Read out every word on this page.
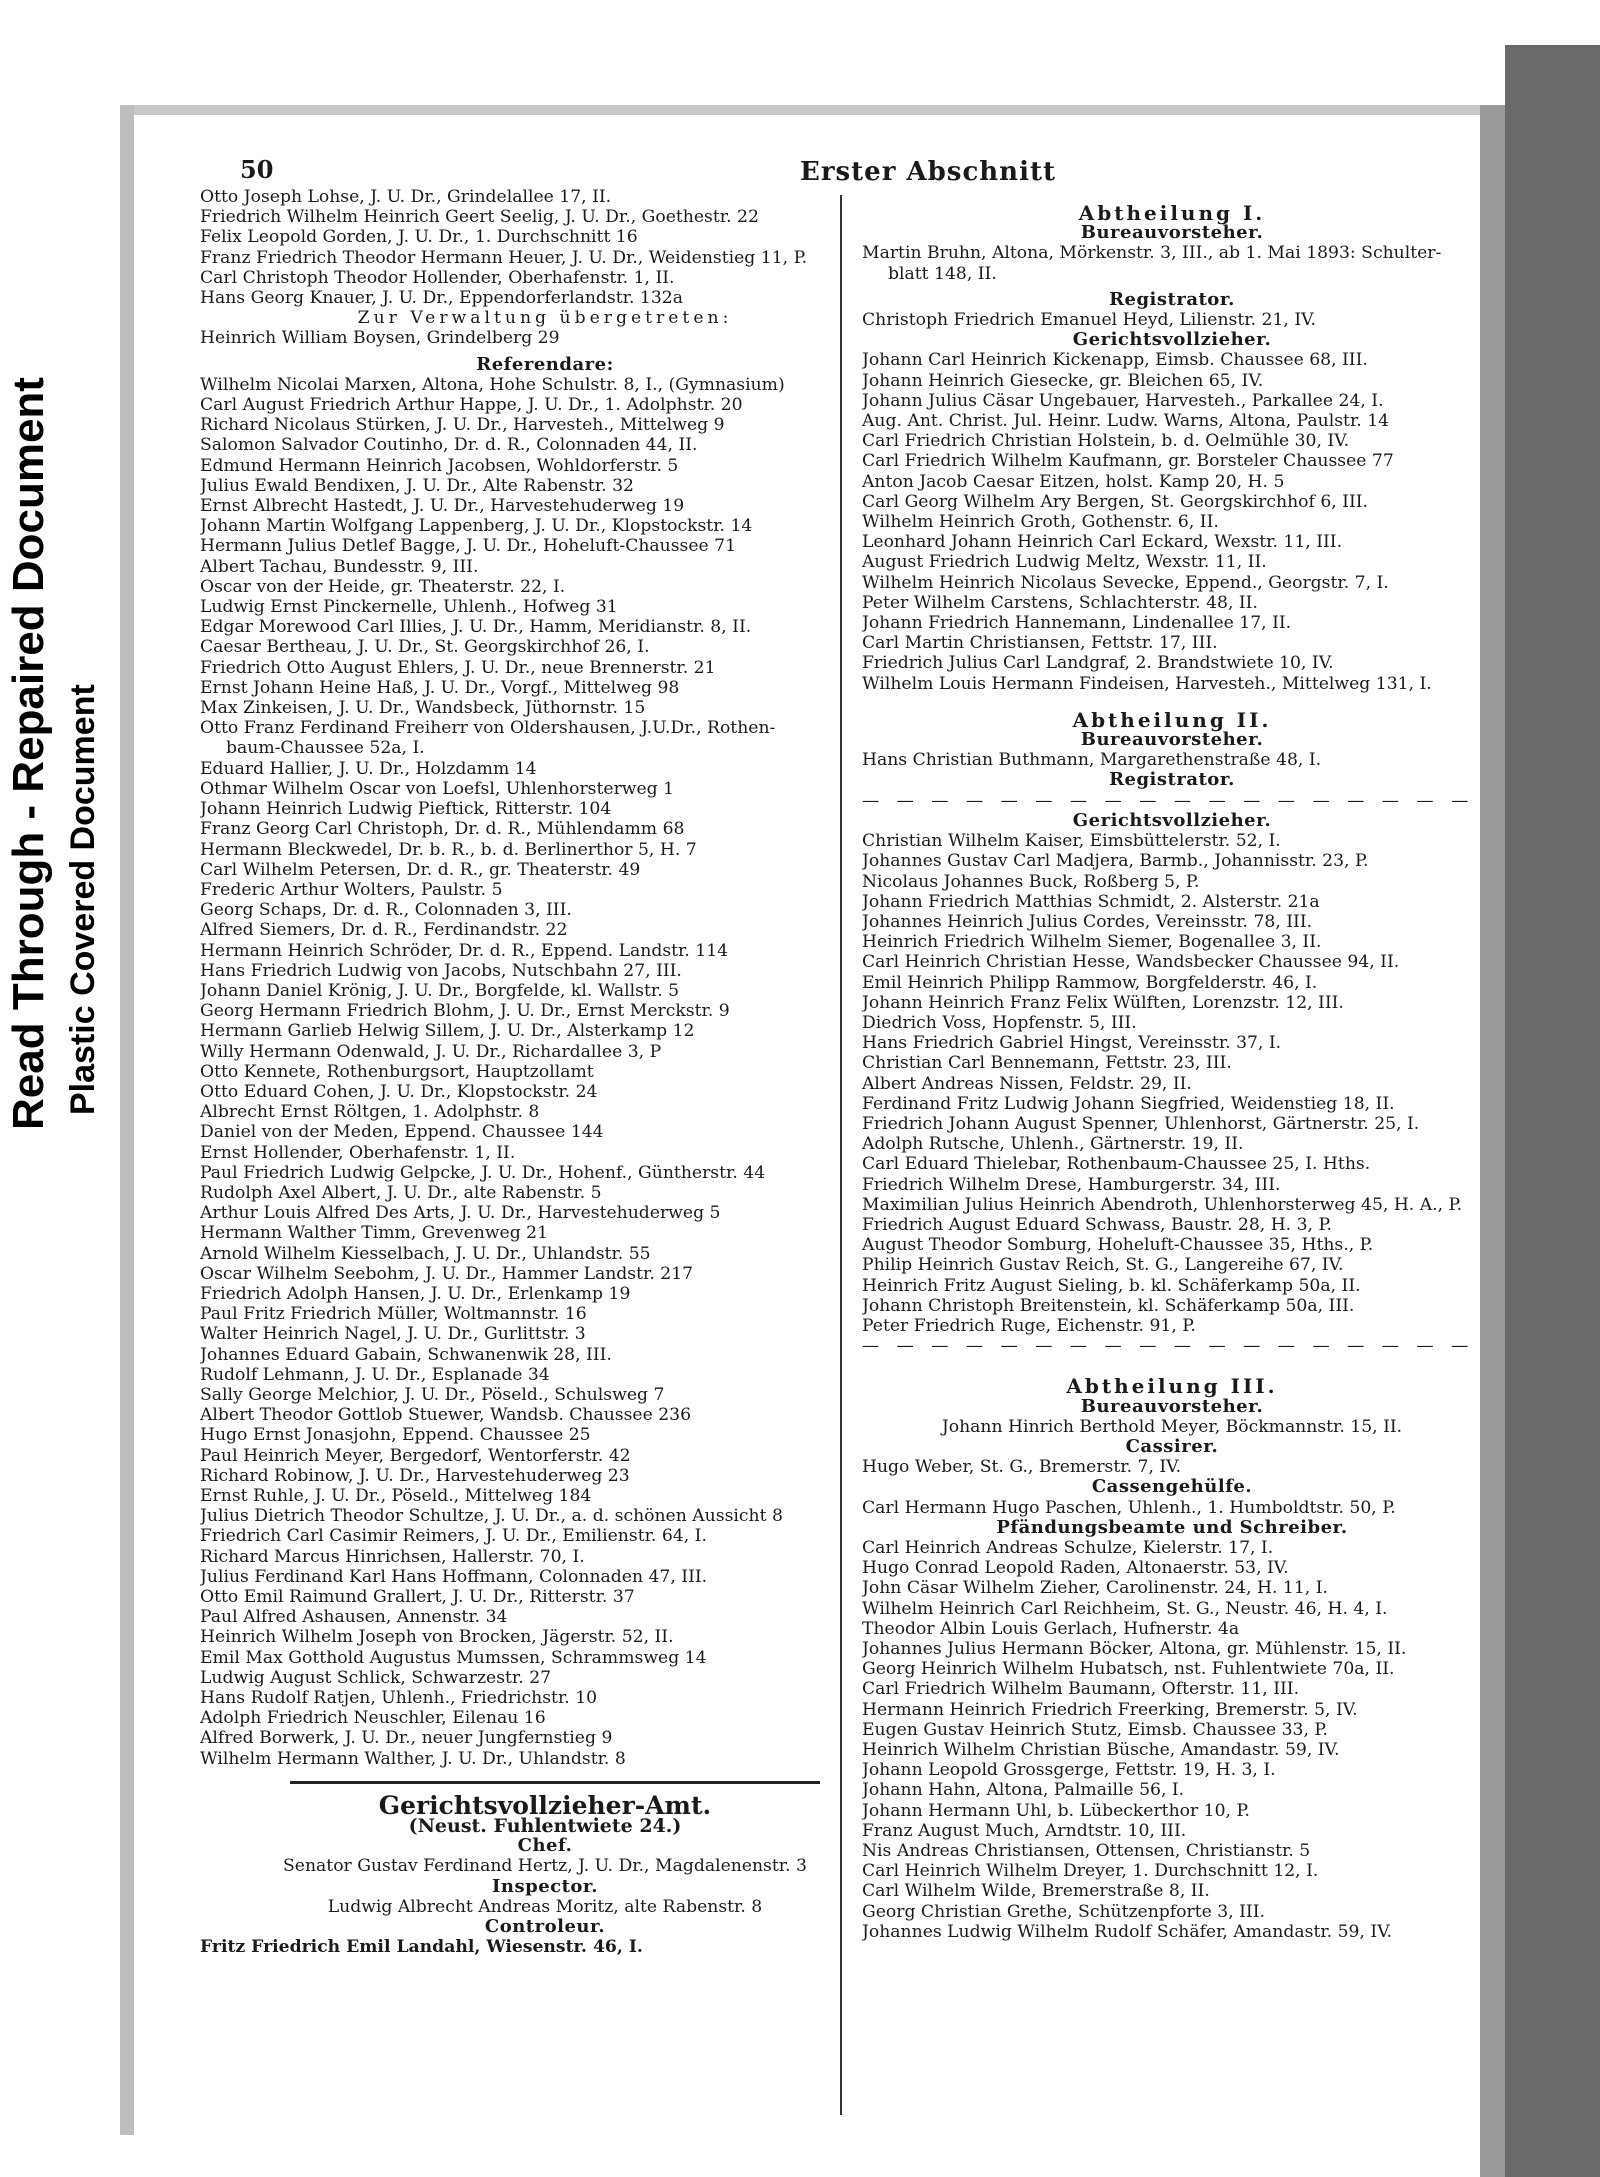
Read Through - Repaired Document Plastic Covered Document
50	Erster Abschnitt
Otto Joseph Lohse, J. U. Dr., Grindelallee 17, II.
Friedrich Wilhelm Heinrich Geert Seelig, J. U. Dr., Goethestr. 22
Felix Leopold Gorden, J. U. Dr., 1. Durchschnitt 16
Franz Friedrich Theodor Hermann Heuer, J. U. Dr., Weidenstieg 11, P.
Carl Christoph Theodor Hollender, Oberhafenstr. 1, II.
Hans Georg Knauer, J. U. Dr., Eppendorferlandstr. 132a
Zur Verwaltung übergetreten:
Heinrich William Boysen, Grindelberg 29
Referendare:
Wilhelm Nicolai Marxen, Altona, Hohe Schulstr. 8, I., (Gymnasium)
Carl August Friedrich Arthur Happe, J. U. Dr., 1. Adolphstr. 20
Richard Nicolaus Stürken, J. U. Dr., Harvesteh., Mittelweg 9
Salomon Salvador Coutinho, Dr. d. R., Colonnaden 44, II.
Edmund Hermann Heinrich Jacobsen, Wohldorferstr. 5
Julius Ewald Bendixen, J. U. Dr., Alte Rabenstr. 32
Ernst Albrecht Hastedt, J. U. Dr., Harvestehuderweg 19
Johann Martin Wolfgang Lappenberg, J. U. Dr., Klopstockstr. 14
Hermann Julius Detlef Bagge, J. U. Dr., Hoheluft-Chaussee 71
Albert Tachau, Bundesstr. 9, III.
Oscar von der Heide, gr. Theaterstr. 22, I.
Ludwig Ernst Pinckernelle, Uhlenh., Hofweg 31
Edgar Morewood Carl Illies, J. U. Dr., Hamm, Meridianstr. 8, II.
Caesar Bertheau, J. U. Dr., St. Georgskirchhof 26, I.
Friedrich Otto August Ehlers, J. U. Dr., neue Brennerstr. 21
Ernst Johann Heine Haß, J. U. Dr., Vorgf., Mittelweg 98
Max Zinkeisen, J. U. Dr., Wandsbeck, Jüthornstr. 15
Otto Franz Ferdinand Freiherr von Oldershausen, J.U.Dr., Rothen-
baum-Chaussee 52a, I.
Eduard Hallier, J. U. Dr., Holzdamm 14
Othmar Wilhelm Oscar von Loefsl, Uhlenhorsterweg 1
Johann Heinrich Ludwig Pieftick, Ritterstr. 104
Franz Georg Carl Christoph, Dr. d. R., Mühlendamm 68
Hermann Bleckwedel, Dr. b. R., b. d. Berlinerthor 5, H. 7
Carl Wilhelm Petersen, Dr. d. R., gr. Theaterstr. 49
Frederic Arthur Wolters, Paulstr. 5
Georg Schaps, Dr. d. R., Colonnaden 3, III.
Alfred Siemers, Dr. d. R., Ferdinandstr. 22
Hermann Heinrich Schröder, Dr. d. R., Eppend. Landstr. 114
Hans Friedrich Ludwig von Jacobs, Nutschbahn 27, III.
Johann Daniel Krönig, J. U. Dr., Borgfelde, kl. Wallstr. 5
Georg Hermann Friedrich Blohm, J. U. Dr., Ernst Merckstr. 9
Hermann Garlieb Helwig Sillem, J. U. Dr., Alsterkamp 12
Willy Hermann Odenwald, J. U. Dr., Richardallee 3, P
Otto Kennete, Rothenburgsort, Hauptzollamt
Otto Eduard Cohen, J. U. Dr., Klopstockstr. 24
Albrecht Ernst Röltgen, 1. Adolphstr. 8
Daniel von der Meden, Eppend. Chaussee 144
Ernst Hollender, Oberhafenstr. 1, II.
Paul Friedrich Ludwig Gelpcke, J. U. Dr., Hohenf., Güntherstr. 44
Rudolph Axel Albert, J. U. Dr., alte Rabenstr. 5
Arthur Louis Alfred Des Arts, J. U. Dr., Harvestehuderweg 5
Hermann Walther Timm, Grevenweg 21
Arnold Wilhelm Kiesselbach, J. U. Dr., Uhlandstr. 55
Oscar Wilhelm Seebohm, J. U. Dr., Hammer Landstr. 217
Friedrich Adolph Hansen, J. U. Dr., Erlenkamp 19
Paul Fritz Friedrich Müller, Woltmannstr. 16
Walter Heinrich Nagel, J. U. Dr., Gurlittstr. 3
Johannes Eduard Gabain, Schwanenwik 28, III.
Rudolf Lehmann, J. U. Dr., Esplanade 34
Sally George Melchior, J. U. Dr., Pöseld., Schulsweg 7
Albert Theodor Gottlob Stuewer, Wandsb. Chaussee 236
Hugo Ernst Jonasjohn, Eppend. Chaussee 25
Paul Heinrich Meyer, Bergedorf, Wentorferstr. 42
Richard Robinow, J. U. Dr., Harvestehuderweg 23
Ernst Ruhle, J. U. Dr., Pöseld., Mittelweg 184
Julius Dietrich Theodor Schultze, J. U. Dr., a. d. schönen Aussicht 8
Friedrich Carl Casimir Reimers, J. U. Dr., Emilienstr. 64, I.
Richard Marcus Hinrichsen, Hallerstr. 70, I.
Julius Ferdinand Karl Hans Hoffmann, Colonnaden 47, III.
Otto Emil Raimund Grallert, J. U. Dr., Ritterstr. 37
Paul Alfred Ashausen, Annenstr. 34
Heinrich Wilhelm Joseph von Brocken, Jägerstr. 52, II.
Emil Max Gotthold Augustus Mumssen, Schrammsweg 14
Ludwig August Schlick, Schwarzestr. 27
Hans Rudolf Ratjen, Uhlenh., Friedrichstr. 10
Adolph Friedrich Neuschler, Eilenau 16
Alfred Borwerk, J. U. Dr., neuer Jungfernstieg 9
Wilhelm Hermann Walther, J. U. Dr., Uhlandstr. 8
Gerichtsvollzieher-Amt.
(Neust. Fuhlentwiete 24.)
Chef.
Senator Gustav Ferdinand Hertz, J. U. Dr., Magdalenenstr. 3
Inspector.
Ludwig Albrecht Andreas Moritz, alte Rabenstr. 8
Controleur.
Fritz Friedrich Emil Landahl, Wiesenstr. 46, I.
Abtheilung I.
Bureauvorsteher.
Martin Bruhn, Altona, Mörkenstr. 3, III., ab 1. Mai 1893: Schulter-
blatt 148, II.
Registrator.
Christoph Friedrich Emanuel Heyd, Lilienstr. 21, IV.
Gerichtsvollzieher.
Johann Carl Heinrich Kickenapp, Eimsb. Chaussee 68, III.
Johann Heinrich Giesecke, gr. Bleichen 65, IV.
Johann Julius Cäsar Ungebauer, Harvesteh., Parkallee 24, I.
Aug. Ant. Christ. Jul. Heinr. Ludw. Warns, Altona, Paulstr. 14
Carl Friedrich Christian Holstein, b. d. Oelmühle 30, IV.
Carl Friedrich Wilhelm Kaufmann, gr. Borsteler Chaussee 77
Anton Jacob Caesar Eitzen, holst. Kamp 20, H. 5
Carl Georg Wilhelm Ary Bergen, St. Georgskirchhof 6, III.
Wilhelm Heinrich Groth, Gothenstr. 6, II.
Leonhard Johann Heinrich Carl Eckard, Wexstr. 11, III.
August Friedrich Ludwig Meltz, Wexstr. 11, II.
Wilhelm Heinrich Nicolaus Sevecke, Eppend., Georgstr. 7, I.
Peter Wilhelm Carstens, Schlachterstr. 48, II.
Johann Friedrich Hannemann, Lindenallee 17, II.
Carl Martin Christiansen, Fettstr. 17, III.
Friedrich Julius Carl Landgraf, 2. Brandstwiete 10, IV.
Wilhelm Louis Hermann Findeisen, Harvesteh., Mittelweg 131, I.
Abtheilung II.
Bureauvorsteher.
Hans Christian Buthmann, Margarethenstraße 48, I.
Registrator.
— — — — — — — — — — — — — — — — — —
Gerichtsvollzieher.
Christian Wilhelm Kaiser, Eimsbüttelerstr. 52, I.
Johannes Gustav Carl Madjera, Barmb., Johannisstr. 23, P.
Nicolaus Johannes Buck, Roßberg 5, P.
Johann Friedrich Matthias Schmidt, 2. Alsterstr. 21a
Johannes Heinrich Julius Cordes, Vereinsstr. 78, III.
Heinrich Friedrich Wilhelm Siemer, Bogenallee 3, II.
Carl Heinrich Christian Hesse, Wandsbecker Chaussee 94, II.
Emil Heinrich Philipp Rammow, Borgfelderstr. 46, I.
Johann Heinrich Franz Felix Wülften, Lorenzstr. 12, III.
Diedrich Voss, Hopfenstr. 5, III.
Hans Friedrich Gabriel Hingst, Vereinsstr. 37, I.
Christian Carl Bennemann, Fettstr. 23, III.
Albert Andreas Nissen, Feldstr. 29, II.
Ferdinand Fritz Ludwig Johann Siegfried, Weidenstieg 18, II.
Friedrich Johann August Spenner, Uhlenhorst, Gärtnerstr. 25, I.
Adolph Rutsche, Uhlenh., Gärtnerstr. 19, II.
Carl Eduard Thielebar, Rothenbaum-Chaussee 25, I. Hths.
Friedrich Wilhelm Drese, Hamburgerstr. 34, III.
Maximilian Julius Heinrich Abendroth, Uhlenhorsterweg 45, H. A., P.
Friedrich August Eduard Schwass, Baustr. 28, H. 3, P.
August Theodor Somburg, Hoheluft-Chaussee 35, Hths., P.
Philip Heinrich Gustav Reich, St. G., Langereihe 67, IV.
Heinrich Fritz August Sieling, b. kl. Schäferkamp 50a, II.
Johann Christoph Breitenstein, kl. Schäferkamp 50a, III.
Peter Friedrich Ruge, Eichenstr. 91, P.
— — — — — — — — — — — — — — — — — —
Abtheilung III.
Bureauvorsteher.
Johann Hinrich Berthold Meyer, Böckmannstr. 15, II.
Cassirer.
Hugo Weber, St. G., Bremerstr. 7, IV.
Cassengehülfe.
Carl Hermann Hugo Paschen, Uhlenh., 1. Humboldtstr. 50, P.
Pfändungsbeamte und Schreiber.
Carl Heinrich Andreas Schulze, Kielerstr. 17, I.
Hugo Conrad Leopold Raden, Altonaerstr. 53, IV.
John Cäsar Wilhelm Zieher, Carolinenstr. 24, H. 11, I.
Wilhelm Heinrich Carl Reichheim, St. G., Neustr. 46, H. 4, I.
Theodor Albin Louis Gerlach, Hufnerstr. 4a
Johannes Julius Hermann Böcker, Altona, gr. Mühlenstr. 15, II.
Georg Heinrich Wilhelm Hubatsch, nst. Fuhlentwiete 70a, II.
Carl Friedrich Wilhelm Baumann, Ofterstr. 11, III.
Hermann Heinrich Friedrich Freerking, Bremerstr. 5, IV.
Eugen Gustav Heinrich Stutz, Eimsb. Chaussee 33, P.
Heinrich Wilhelm Christian Büsche, Amandastr. 59, IV.
Johann Leopold Grossgerge, Fettstr. 19, H. 3, I.
Johann Hahn, Altona, Palmaille 56, I.
Johann Hermann Uhl, b. Lübeckerthor 10, P.
Franz August Much, Arndtstr. 10, III.
Nis Andreas Christiansen, Ottensen, Christianstr. 5
Carl Heinrich Wilhelm Dreyer, 1. Durchschnitt 12, I.
Carl Wilhelm Wilde, Bremerstraße 8, II.
Georg Christian Grethe, Schützenpforte 3, III.
Johannes Ludwig Wilhelm Rudolf Schäfer, Amandastr. 59, IV.
